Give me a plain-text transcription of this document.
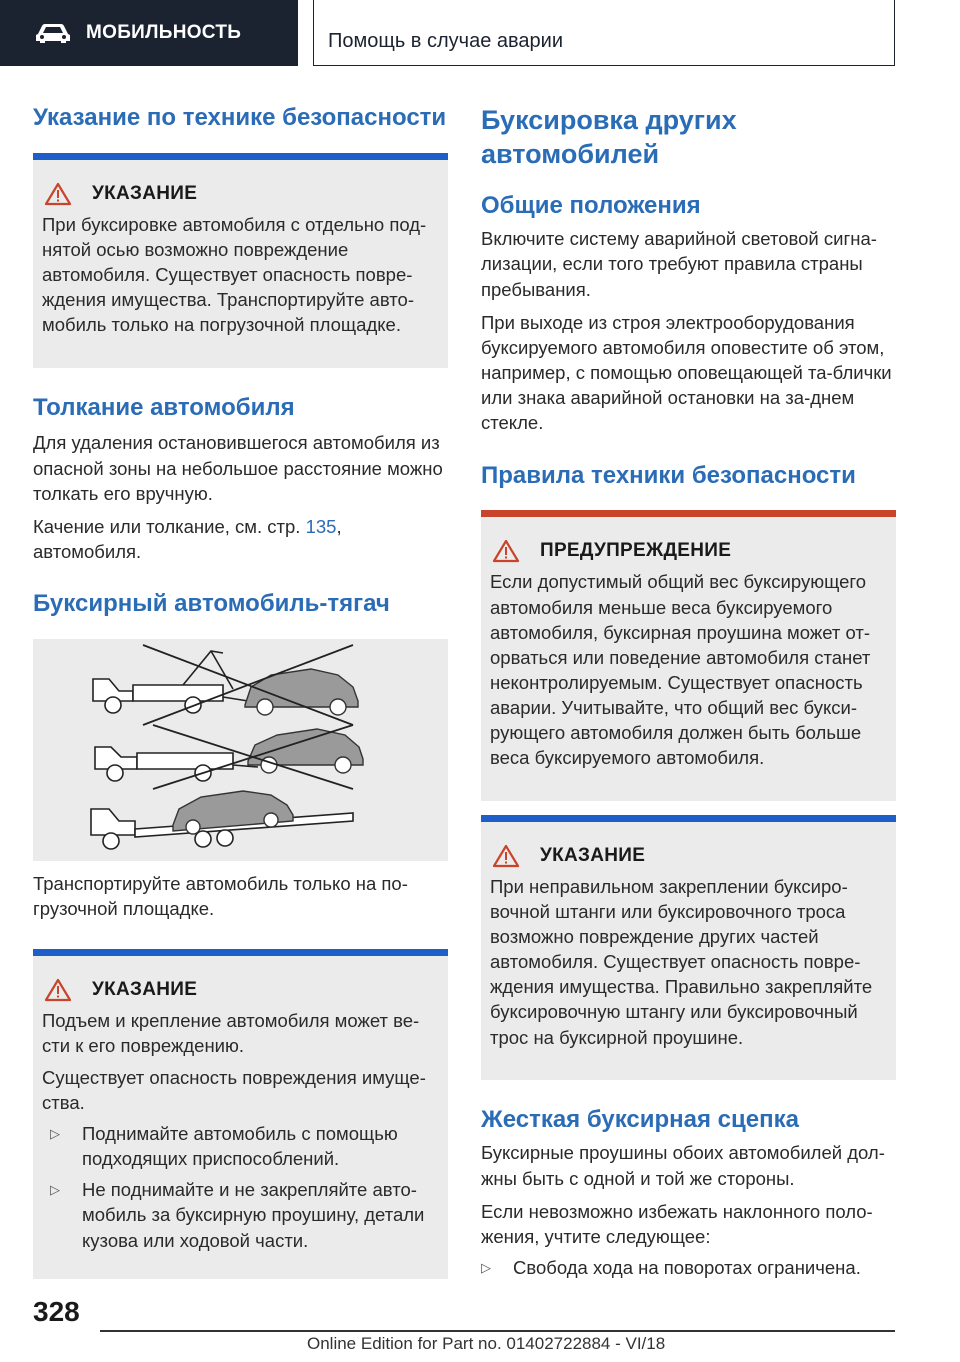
МОБИЛЬНОСТЬ	Помощь в случае аварии
Указание по технике безопасности
УКАЗАНИЕ

При буксировке автомобиля с отдельно под-нятой осью возможно повреждение автомобиля. Существует опасность повре-ждения имущества. Транспортируйте авто-мобиль только на погрузочной площадке.

Толкание автомобиля

Для удаления остановившегося автомобиля из опасной зоны на небольшое расстояние можно толкать его вручную.

Качение или толкание, см. стр. 135, автомобиля.

Буксирный автомобиль-тягач

Транспортируйте автомобиль только на по-грузочной площадке.

УКАЗАНИЕ

Подъем и крепление автомобиля может ве-сти к его повреждению.

Существует опасность повреждения имуще-ства.

▷	Поднимайте автомобиль с помощью подходящих приспособлений.
▷	Не поднимайте и не закрепляйте авто-мобиль за буксирную проушину, детали кузова или ходовой части.
Буксировка других автомобилей
Общие положения

Включите систему аварийной световой сигна-лизации, если того требуют правила страны пребывания.

При выходе из строя электрооборудования буксируемого автомобиля оповестите об этом, например, с помощью оповещающей та-блички или знака аварийной остановки на за-днем стекле.

Правила техники безопасности
ПРЕДУПРЕЖДЕНИЕ

Если допустимый общий вес буксирующего автомобиля меньше веса буксируемого автомобиля, буксирная проушина может от-орваться или поведение автомобиля станет неконтролируемым. Существует опасность аварии. Учитывайте, что общий вес букси-рующего автомобиля должен быть больше веса буксируемого автомобиля.

УКАЗАНИЕ

При неправильном закреплении буксиро-вочной штанги или буксировочного троса возможно повреждение других частей автомобиля. Существует опасность повре-ждения имущества. Правильно закрепляйте буксировочную штангу или буксировочный трос на буксирной проушине.

Жесткая буксирная сцепка

Буксирные проушины обоих автомобилей дол-жны быть с одной и той же стороны.

Если невозможно избежать наклонного поло-жения, учтите следующее:

▷	Свобода хода на поворотах ограничена.
328
Online Edition for Part no. 01402722884 - VI/18
